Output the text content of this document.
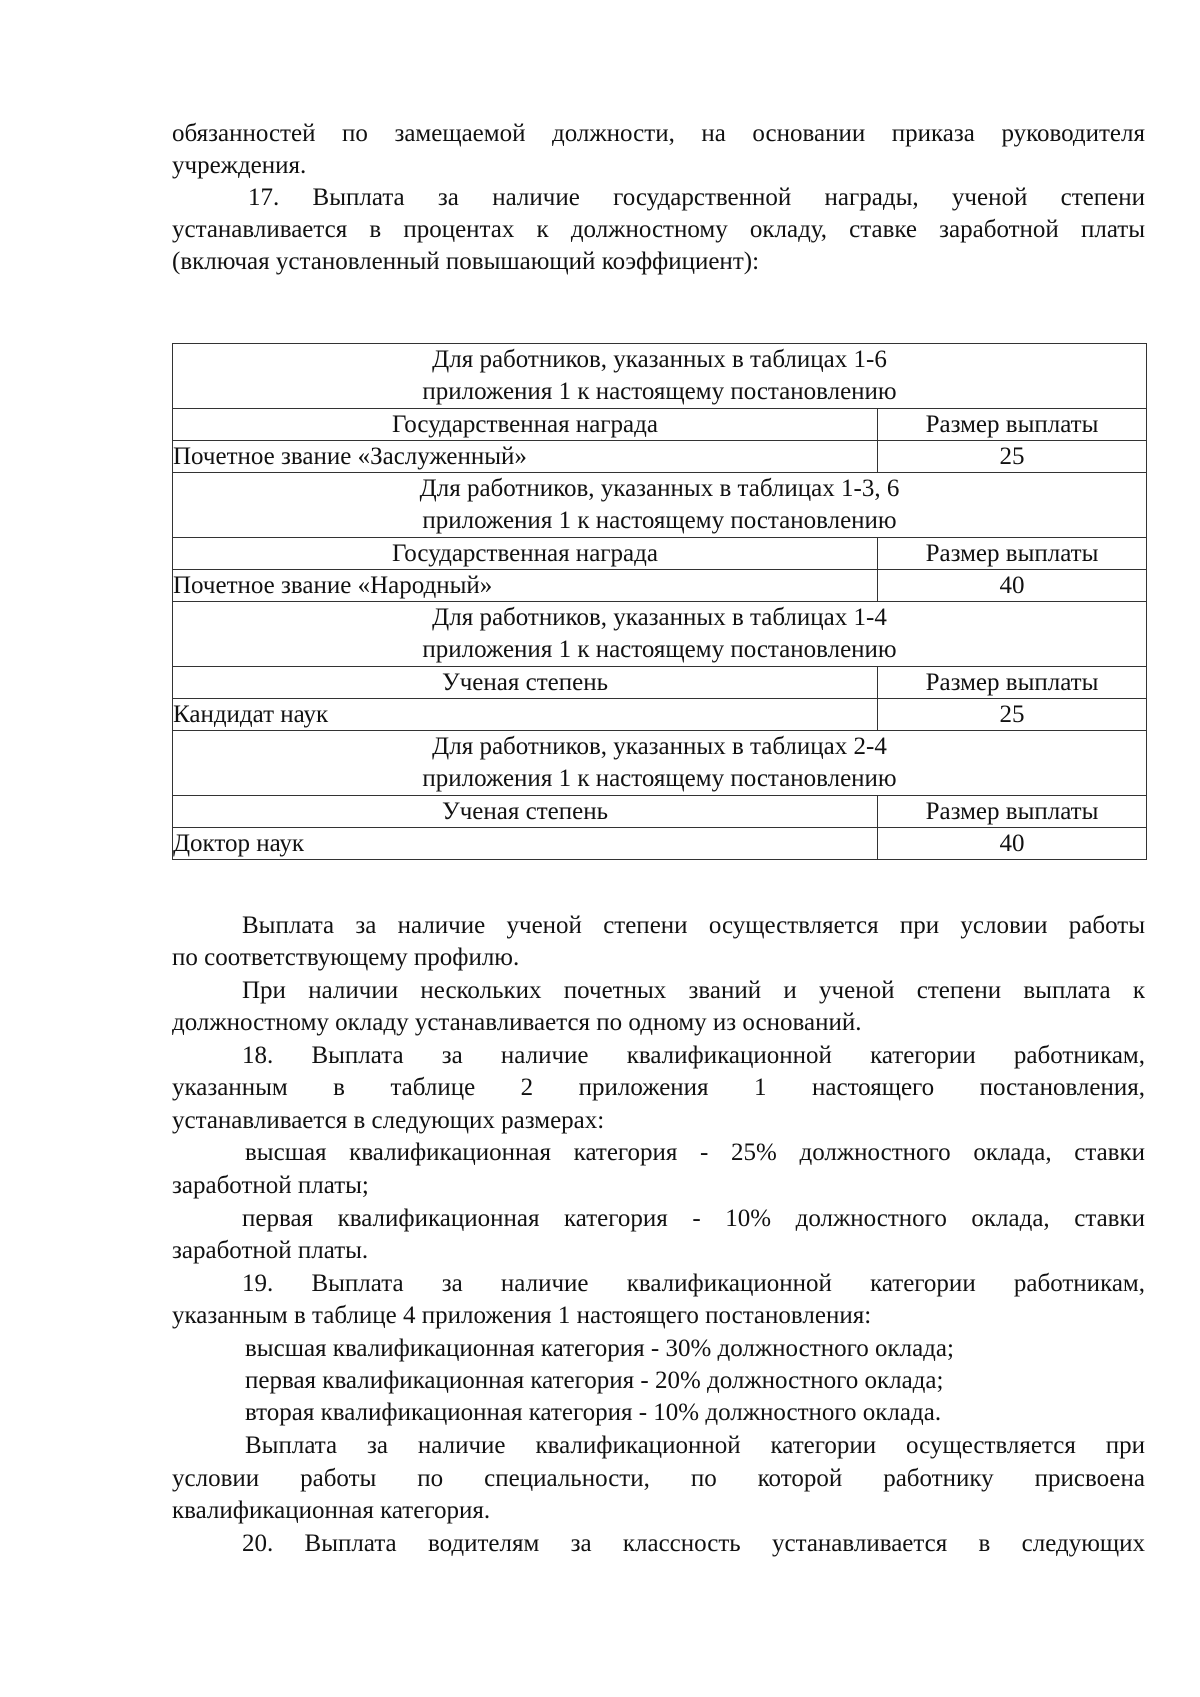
обязанностей по замещаемой должности, на основании приказа руководителя
учреждения.
17. Выплата за наличие государственной награды, ученой степени
устанавливается в процентах к должностному окладу, ставке заработной платы
(включая установленный повышающий коэффициент):
Для работников, указанных в таблицах 1-6
приложения 1 к настоящему постановлению	

Государственная награда	Размер выплаты
Почетное звание «Заслуженный»	25

Для работников, указанных в таблицах 1-3, 6
приложения 1 к настоящему постановлению	

Государственная награда	Размер выплаты
Почетное звание «Народный»	40

Для работников, указанных в таблицах 1-4
приложения 1 к настоящему постановлению	

Ученая степень	Размер выплаты
Кандидат наук	25

Для работников, указанных в таблицах 2-4
приложения 1 к настоящему постановлению	

Ученая степень	Размер выплаты
Доктор наук	40
Выплата за наличие ученой степени осуществляется при условии работы
по соответствующему профилю.
При наличии нескольких почетных званий и ученой степени выплата к
должностному окладу устанавливается по одному из оснований.
18. Выплата за наличие квалификационной категории работникам,
указанным в таблице 2 приложения 1 настоящего постановления,
устанавливается в следующих размерах:
высшая квалификационная категория - 25% должностного оклада, ставки
заработной платы;
первая квалификационная категория - 10% должностного оклада, ставки
заработной платы.
19. Выплата за наличие квалификационной категории работникам,
указанным в таблице 4 приложения 1 настоящего постановления:
высшая квалификационная категория - 30% должностного оклада;
первая квалификационная категория - 20% должностного оклада;
вторая квалификационная категория - 10% должностного оклада.
Выплата за наличие квалификационной категории осуществляется при
условии работы по специальности, по которой работнику присвоена
квалификационная категория.
20. Выплата водителям за классность устанавливается в следующих
